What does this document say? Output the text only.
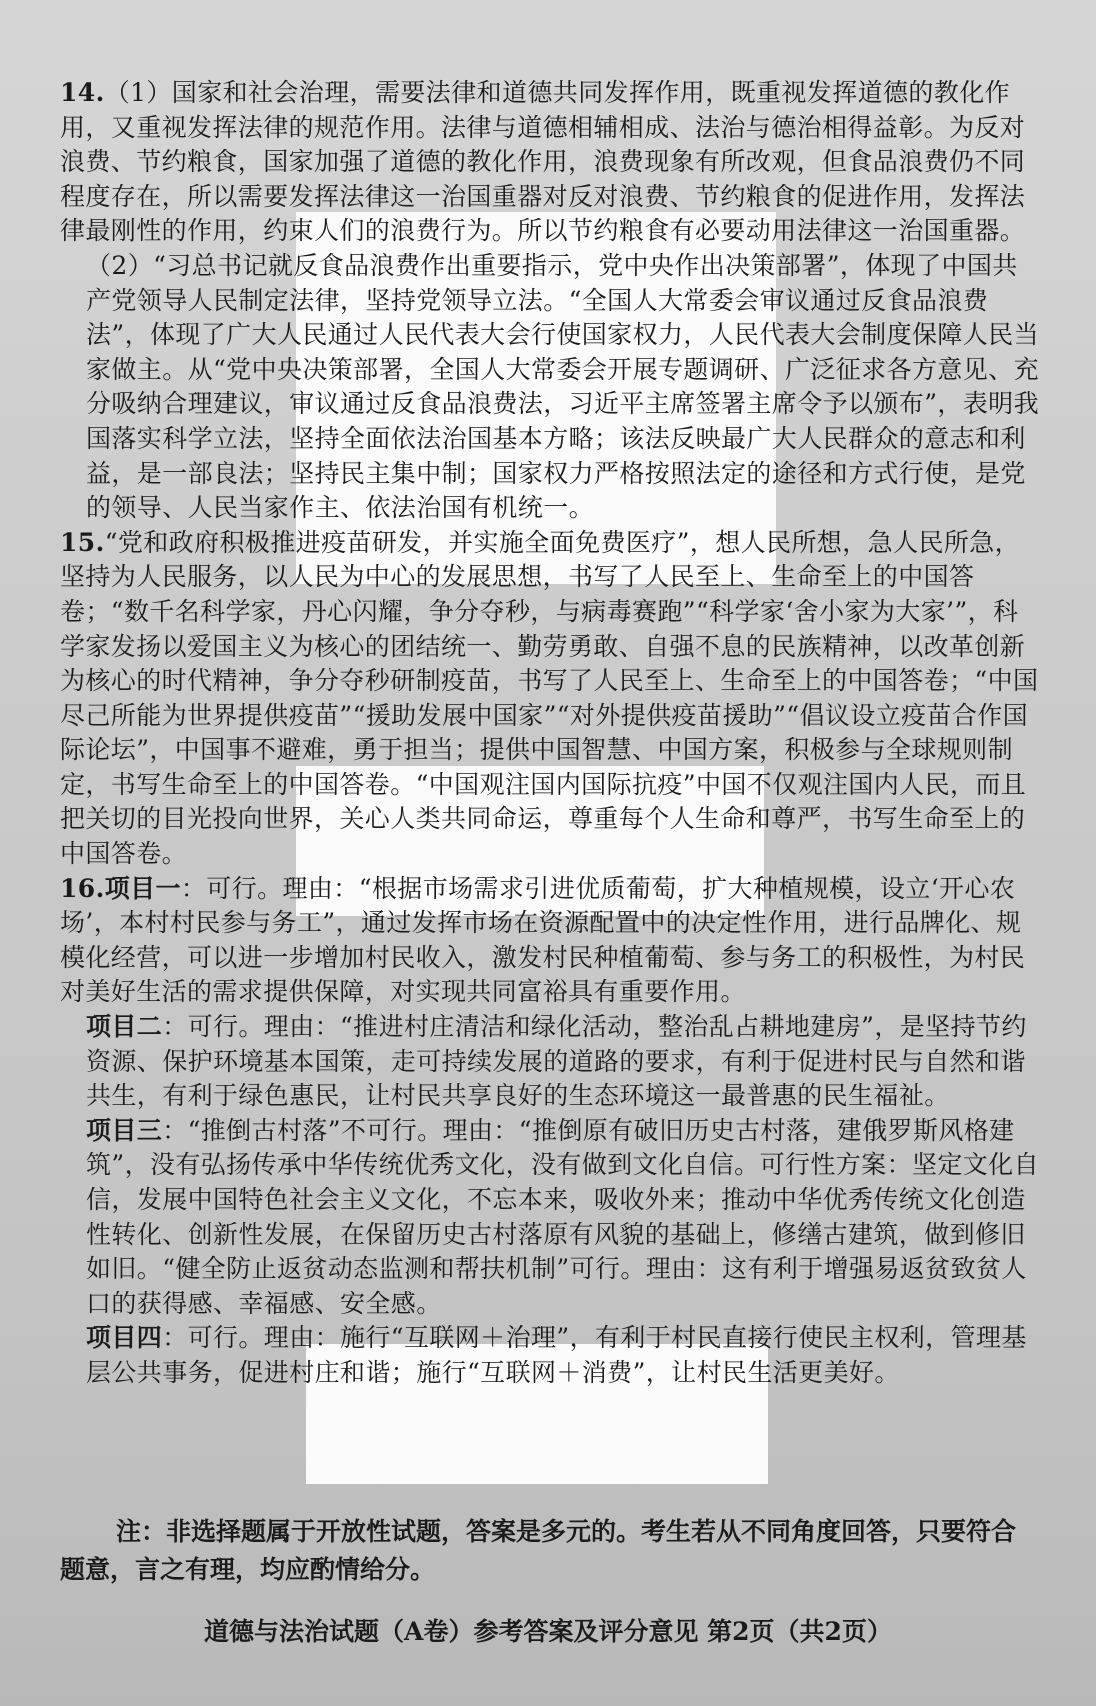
14.（1）国家和社会治理，需要法律和道德共同发挥作用，既重视发挥道德的教化作用，又重视发挥法律的规范作用。法律与道德相辅相成、法治与德治相得益彰。为反对浪费、节约粮食，国家加强了道德的教化作用，浪费现象有所改观，但食品浪费仍不同程度存在，所以需要发挥法律这一治国重器对反对浪费、节约粮食的促进作用，发挥法律最刚性的作用，约束人们的浪费行为。所以节约粮食有必要动用法律这一治国重器。

（2）“习总书记就反食品浪费作出重要指示，党中央作出决策部署”，体现了中国共产党领导人民制定法律，坚持党领导立法。“全国人大常委会审议通过反食品浪费法”，体现了广大人民通过人民代表大会行使国家权力，人民代表大会制度保障人民当家做主。从“党中央决策部署，全国人大常委会开展专题调研、广泛征求各方意见、充分吸纳合理建议，审议通过反食品浪费法，习近平主席签署主席令予以颁布”，表明我国落实科学立法，坚持全面依法治国基本方略；该法反映最广大人民群众的意志和利益，是一部良法；坚持民主集中制；国家权力严格按照法定的途径和方式行使，是党的领导、人民当家作主、依法治国有机统一。

15.“党和政府积极推进疫苗研发，并实施全面免费医疗”，想人民所想，急人民所急，坚持为人民服务，以人民为中心的发展思想，书写了人民至上、生命至上的中国答卷；“数千名科学家，丹心闪耀，争分夺秒，与病毒赛跑”“科学家‘舍小家为大家’”，科学家发扬以爱国主义为核心的团结统一、勤劳勇敢、自强不息的民族精神，以改革创新为核心的时代精神，争分夺秒研制疫苗，书写了人民至上、生命至上的中国答卷；“中国尽己所能为世界提供疫苗”“援助发展中国家”“对外提供疫苗援助”“倡议设立疫苗合作国际论坛”，中国事不避难，勇于担当；提供中国智慧、中国方案，积极参与全球规则制定，书写生命至上的中国答卷。“中国观注国内国际抗疫”中国不仅观注国内人民，而且把关切的目光投向世界，关心人类共同命运，尊重每个人生命和尊严，书写生命至上的中国答卷。

16.项目一：可行。理由：“根据市场需求引进优质葡萄，扩大种植规模，设立‘开心农场’，本村村民参与务工”，通过发挥市场在资源配置中的决定性作用，进行品牌化、规模化经营，可以进一步增加村民收入，激发村民种植葡萄、参与务工的积极性，为村民对美好生活的需求提供保障，对实现共同富裕具有重要作用。

项目二：可行。理由：“推进村庄清洁和绿化活动，整治乱占耕地建房”，是坚持节约资源、保护环境基本国策，走可持续发展的道路的要求，有利于促进村民与自然和谐共生，有利于绿色惠民，让村民共享良好的生态环境这一最普惠的民生福祉。

项目三：“推倒古村落”不可行。理由：“推倒原有破旧历史古村落，建俄罗斯风格建筑”，没有弘扬传承中华传统优秀文化，没有做到文化自信。可行性方案：坚定文化自信，发展中国特色社会主义文化，不忘本来，吸收外来；推动中华优秀传统文化创造性转化、创新性发展，在保留历史古村落原有风貌的基础上，修缮古建筑，做到修旧如旧。“健全防止返贫动态监测和帮扶机制”可行。理由：这有利于增强易返贫致贫人口的获得感、幸福感、安全感。

项目四：可行。理由：施行“互联网＋治理”，有利于村民直接行使民主权利，管理基层公共事务，促进村庄和谐；施行“互联网＋消费”，让村民生活更美好。

注：非选择题属于开放性试题，答案是多元的。考生若从不同角度回答，只要符合题意，言之有理，均应酌情给分。

道德与法治试题（A卷）参考答案及评分意见 第2页（共2页）
